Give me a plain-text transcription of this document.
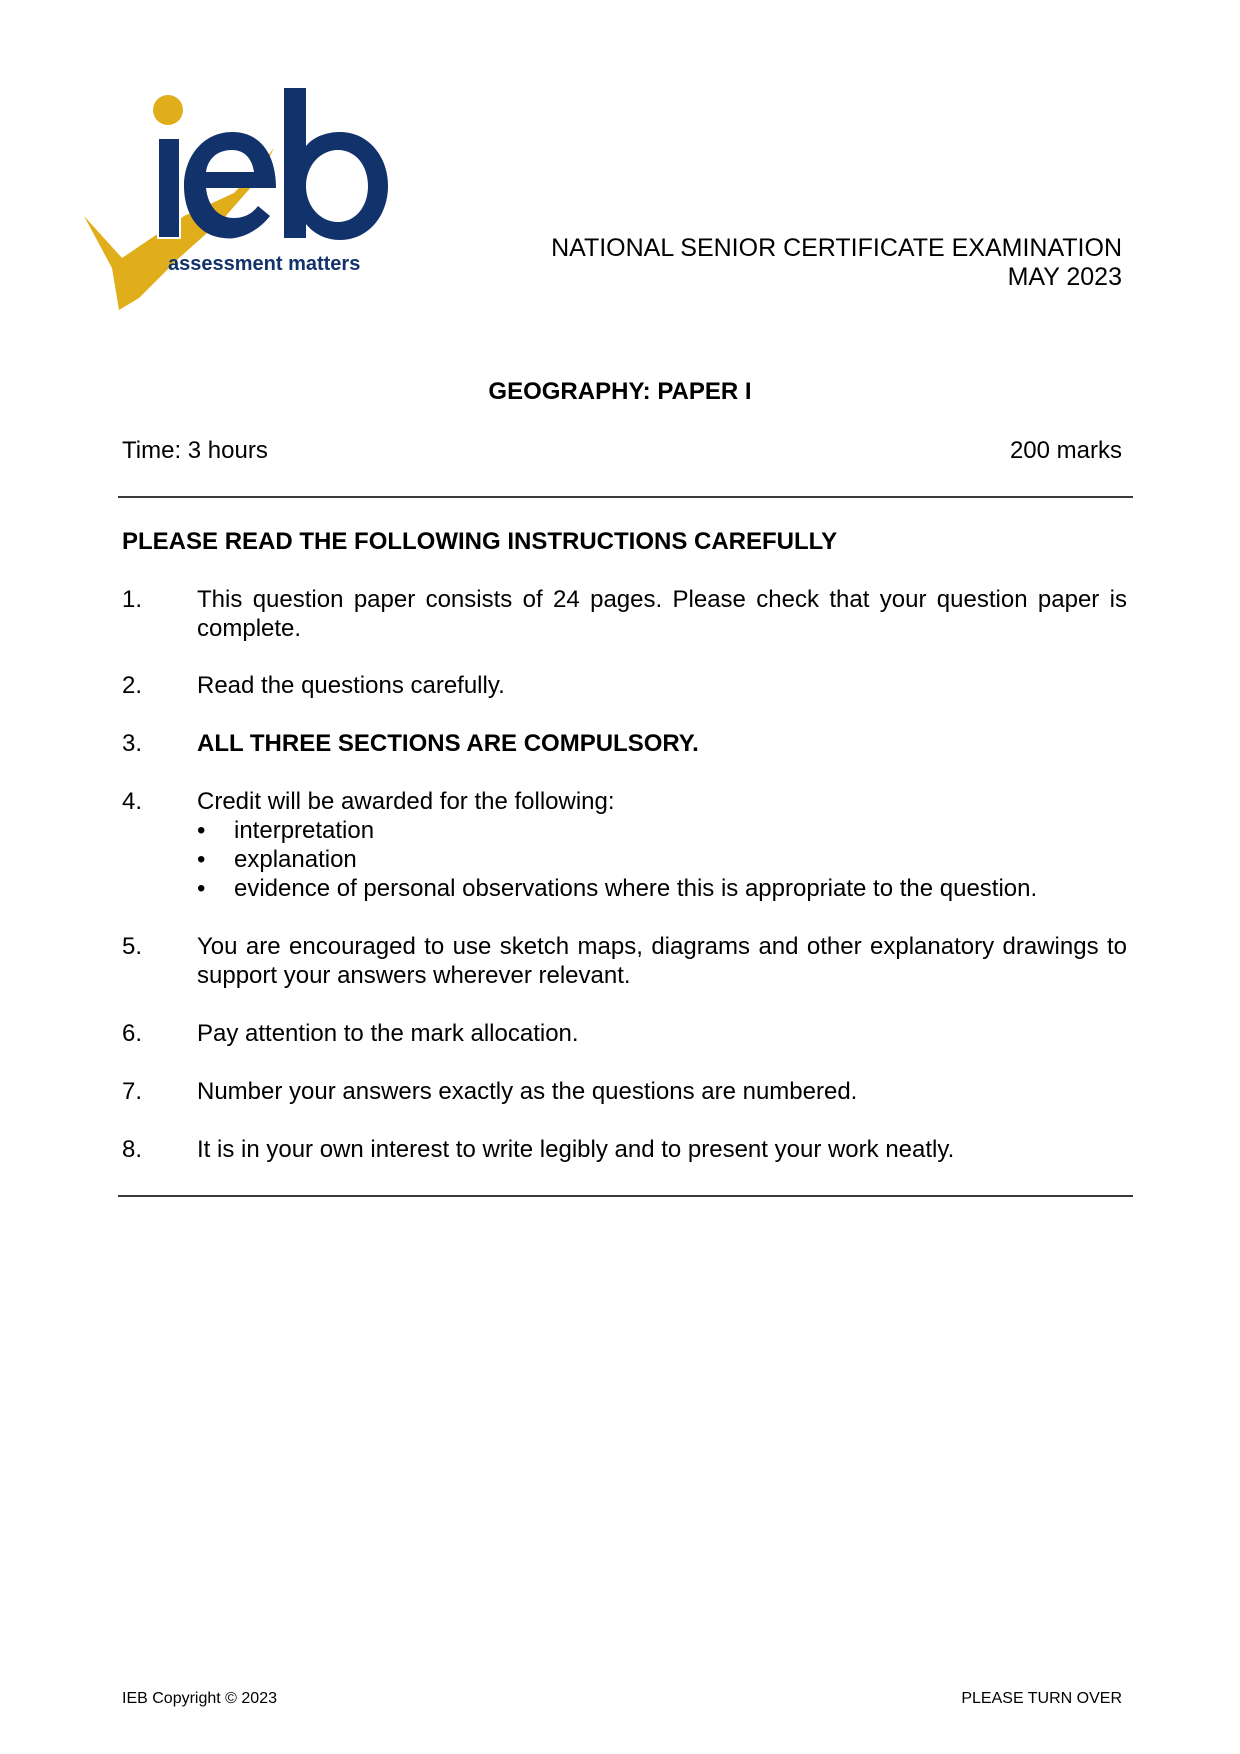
assessment matters
NATIONAL SENIOR CERTIFICATE EXAMINATION
MAY 2023
GEOGRAPHY: PAPER I
Time: 3 hours	200 marks
PLEASE READ THE FOLLOWING INSTRUCTIONS CAREFULLY
1. This question paper consists of 24 pages. Please check that your question paper is complete.
2. Read the questions carefully.
3. ALL THREE SECTIONS ARE COMPULSORY.
4. Credit will be awarded for the following:
• interpretation
• explanation
• evidence of personal observations where this is appropriate to the question.
5. You are encouraged to use sketch maps, diagrams and other explanatory drawings to support your answers wherever relevant.
6. Pay attention to the mark allocation.
7. Number your answers exactly as the questions are numbered.
8. It is in your own interest to write legibly and to present your work neatly.
IEB Copyright © 2023	PLEASE TURN OVER
